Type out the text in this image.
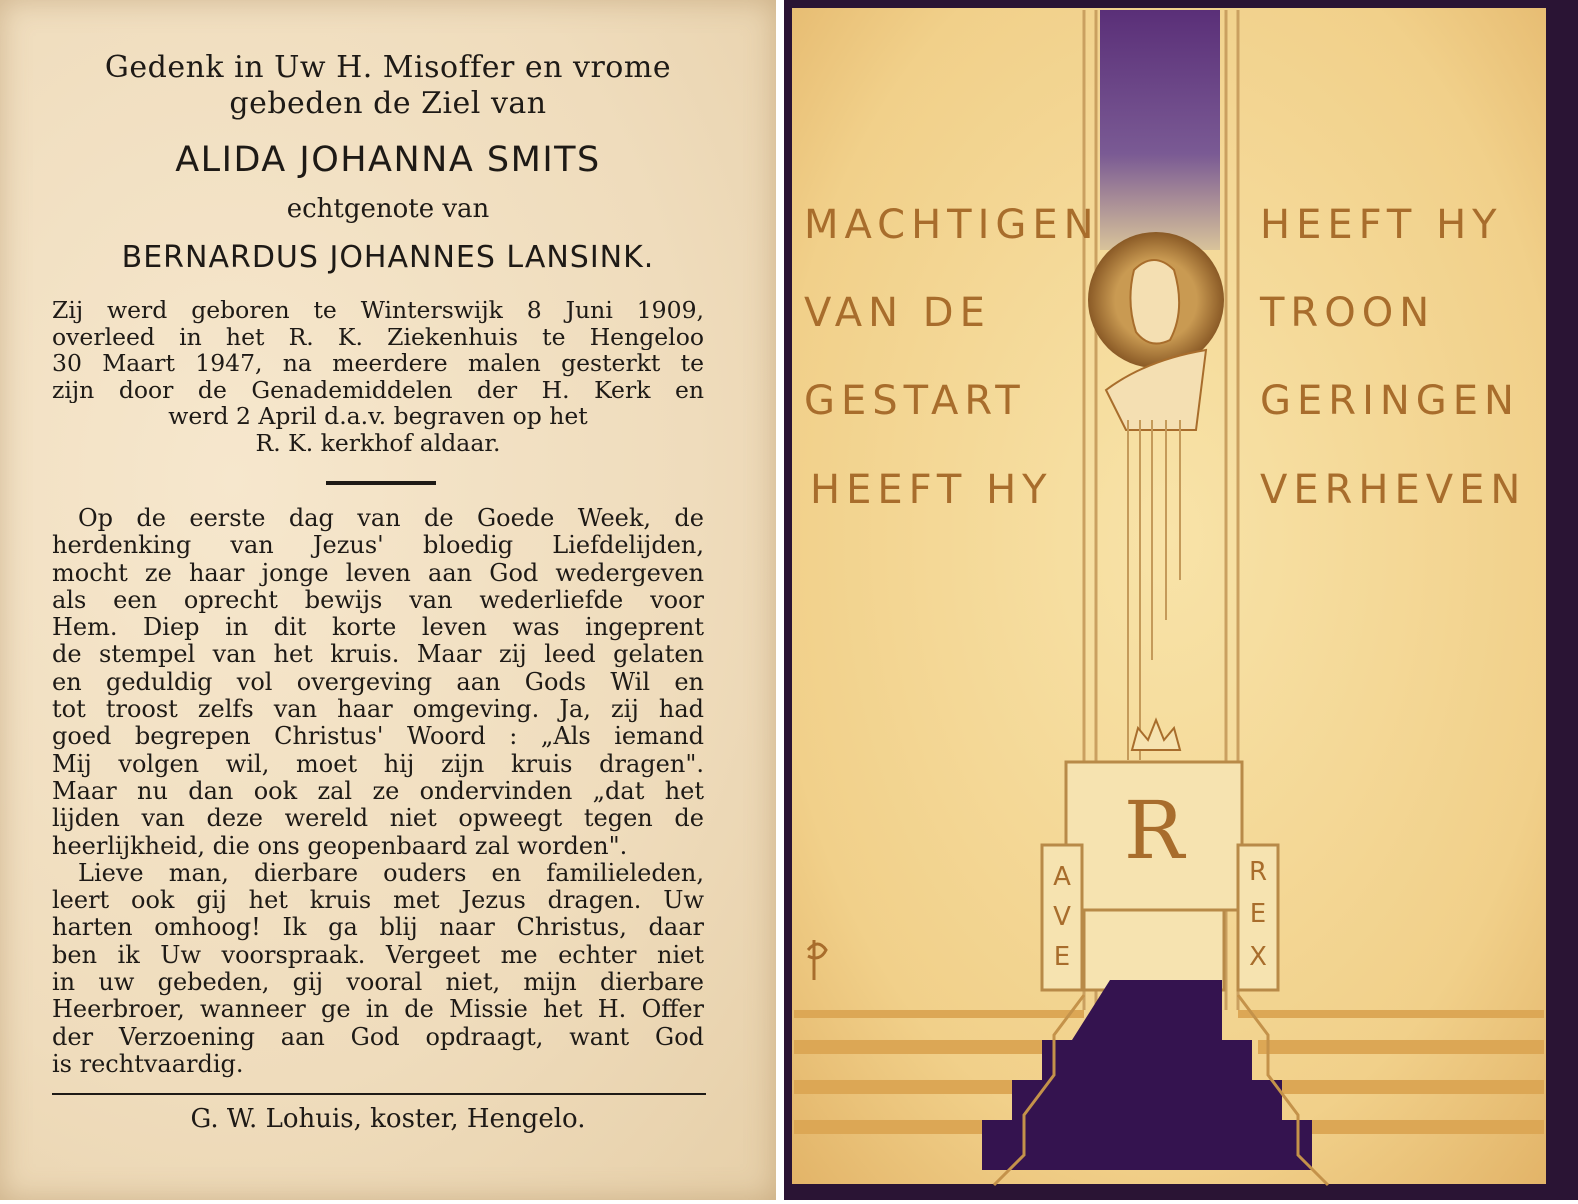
Gedenk in Uw H. Misoffer en vrome
gebeden de Ziel van
ALIDA JOHANNA SMITS
echtgenote van
BERNARDUS JOHANNES LANSINK.
Zij werd geboren te Winterswijk 8 Juni 1909,
overleed in het R. K. Ziekenhuis te Hengeloo
30 Maart 1947, na meerdere malen gesterkt te
zijn door de Genademiddelen der H. Kerk en
werd 2 April d.a.v. begraven op het
R. K. kerkhof aldaar.
Op de eerste dag van de Goede Week, de
herdenking van Jezus' bloedig Liefdelijden,
mocht ze haar jonge leven aan God wedergeven
als een oprecht bewijs van wederliefde voor
Hem. Diep in dit korte leven was ingeprent
de stempel van het kruis. Maar zij leed gelaten
en geduldig vol overgeving aan Gods Wil en
tot troost zelfs van haar omgeving. Ja, zij had
goed begrepen Christus' Woord : „Als iemand
Mij volgen wil, moet hij zijn kruis dragen".
Maar nu dan ook zal ze ondervinden „dat het
lijden van deze wereld niet opweegt tegen de
heerlijkheid, die ons geopenbaard zal worden".
Lieve man, dierbare ouders en familieleden,
leert ook gij het kruis met Jezus dragen. Uw
harten omhoog! Ik ga blij naar Christus, daar
ben ik Uw voorspraak. Vergeet me echter niet
in uw gebeden, gij vooral niet, mijn dierbare
Heerbroer, wanneer ge in de Missie het H. Offer
der Verzoening aan God opdraagt, want God
is rechtvaardig.
G. W. Lohuis, koster, Hengelo.
R
A
V
E
R
E
X
MACHTIGEN
VAN DE
GESTART
HEEFT HY
HEEFT HY
TROON
GERINGEN
VERHEVEN
